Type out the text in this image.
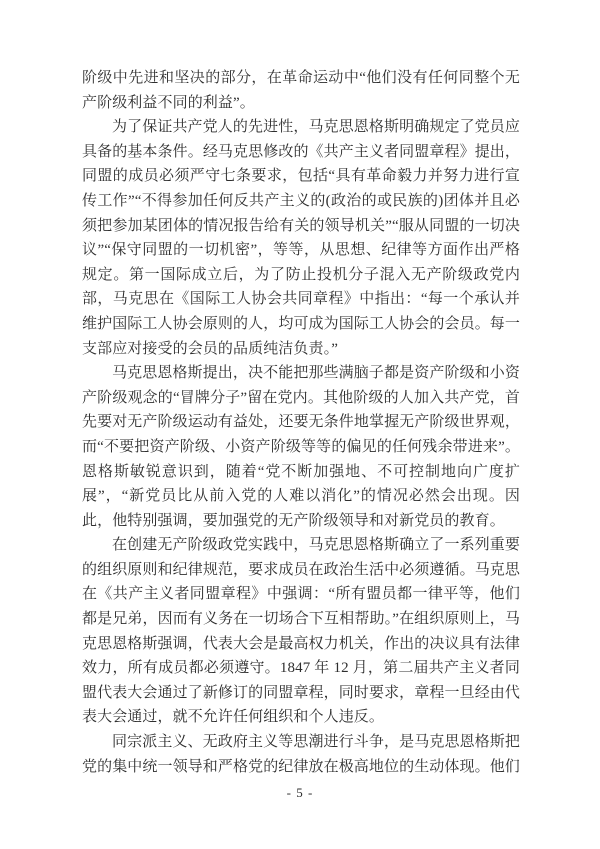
阶级中先进和坚决的部分，在革命运动中“他们没有任何同整个无产阶级利益不同的利益”。

为了保证共产党人的先进性，马克思恩格斯明确规定了党员应具备的基本条件。经马克思修改的《共产主义者同盟章程》提出，同盟的成员必须严守七条要求，包括“具有革命毅力并努力进行宣传工作”“不得参加任何反共产主义的(政治的或民族的)团体并且必须把参加某团体的情况报告给有关的领导机关”“服从同盟的一切决议”“保守同盟的一切机密”，等等，从思想、纪律等方面作出严格规定。第一国际成立后，为了防止投机分子混入无产阶级政党内部，马克思在《国际工人协会共同章程》中指出：“每一个承认并维护国际工人协会原则的人，均可成为国际工人协会的会员。每一支部应对接受的会员的品质纯洁负责。”

马克思恩格斯提出，决不能把那些满脑子都是资产阶级和小资产阶级观念的“冒牌分子”留在党内。其他阶级的人加入共产党，首先要对无产阶级运动有益处，还要无条件地掌握无产阶级世界观，而“不要把资产阶级、小资产阶级等等的偏见的任何残余带进来”。恩格斯敏锐意识到，随着“党不断加强地、不可控制地向广度扩展”，“新党员比从前入党的人难以消化”的情况必然会出现。因此，他特别强调，要加强党的无产阶级领导和对新党员的教育。

在创建无产阶级政党实践中，马克思恩格斯确立了一系列重要的组织原则和纪律规范，要求成员在政治生活中必须遵循。马克思在《共产主义者同盟章程》中强调：“所有盟员都一律平等，他们都是兄弟，因而有义务在一切场合下互相帮助。”在组织原则上，马克思恩格斯强调，代表大会是最高权力机关，作出的决议具有法律效力，所有成员都必须遵守。1847 年 12 月，第二届共产主义者同盟代表大会通过了新修订的同盟章程，同时要求，章程一旦经由代表大会通过，就不允许任何组织和个人违反。

同宗派主义、无政府主义等思潮进行斗争，是马克思恩格斯把党的集中统一领导和严格党的纪律放在极高地位的生动体现。他们

- 5 -
